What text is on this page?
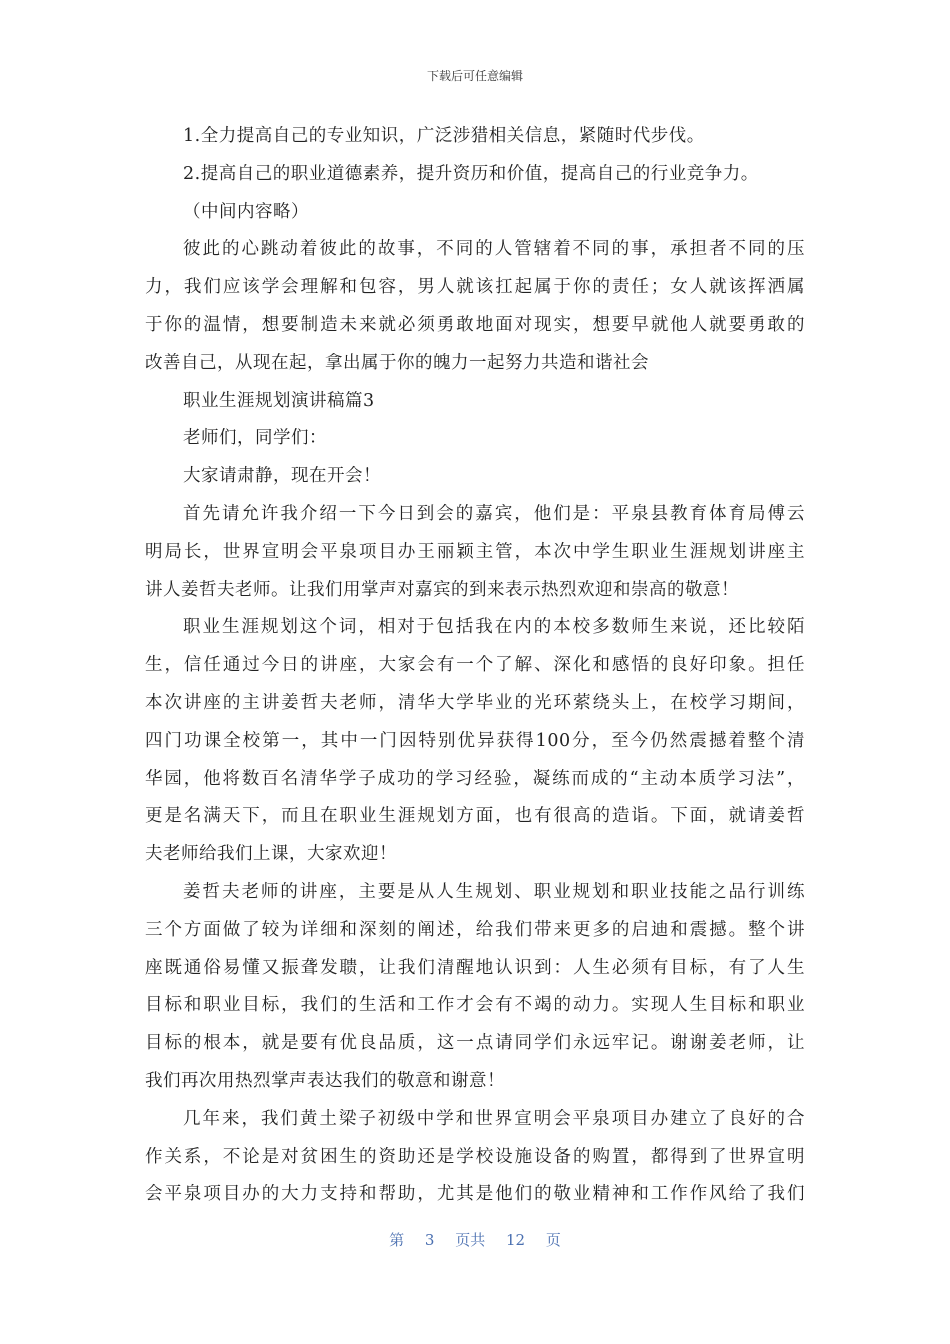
下载后可任意编辑
1.全力提高自己的专业知识，广泛涉猎相关信息，紧随时代步伐。
2.提高自己的职业道德素养，提升资历和价值，提高自己的行业竞争力。
（中间内容略）
彼此的心跳动着彼此的故事，不同的人管辖着不同的事，承担者不同的压
力，我们应该学会理解和包容，男人就该扛起属于你的责任；女人就该挥洒属
于你的温情，想要制造未来就必须勇敢地面对现实，想要早就他人就要勇敢的
改善自己，从现在起，拿出属于你的魄力一起努力共造和谐社会
职业生涯规划演讲稿篇3
老师们，同学们：
大家请肃静，现在开会！
首先请允许我介绍一下今日到会的嘉宾，他们是：平泉县教育体育局傅云
明局长，世界宣明会平泉项目办王丽颖主管，本次中学生职业生涯规划讲座主
讲人姜哲夫老师。让我们用掌声对嘉宾的到来表示热烈欢迎和崇高的敬意！
职业生涯规划这个词，相对于包括我在内的本校多数师生来说，还比较陌
生，信任通过今日的讲座，大家会有一个了解、深化和感悟的良好印象。担任
本次讲座的主讲姜哲夫老师，清华大学毕业的光环萦绕头上，在校学习期间，
四门功课全校第一，其中一门因特别优异获得100分，至今仍然震撼着整个清
华园，他将数百名清华学子成功的学习经验，凝练而成的“主动本质学习法”，
更是名满天下，而且在职业生涯规划方面，也有很高的造诣。下面，就请姜哲
夫老师给我们上课，大家欢迎！
姜哲夫老师的讲座，主要是从人生规划、职业规划和职业技能之品行训练
三个方面做了较为详细和深刻的阐述，给我们带来更多的启迪和震撼。整个讲
座既通俗易懂又振聋发聩，让我们清醒地认识到：人生必须有目标，有了人生
目标和职业目标，我们的生活和工作才会有不竭的动力。实现人生目标和职业
目标的根本，就是要有优良品质，这一点请同学们永远牢记。谢谢姜老师，让
我们再次用热烈掌声表达我们的敬意和谢意！
几年来，我们黄土梁子初级中学和世界宣明会平泉项目办建立了良好的合
作关系，不论是对贫困生的资助还是学校设施设备的购置，都得到了世界宣明
会平泉项目办的大力支持和帮助，尤其是他们的敬业精神和工作作风给了我们
第 3 页共 12 页
